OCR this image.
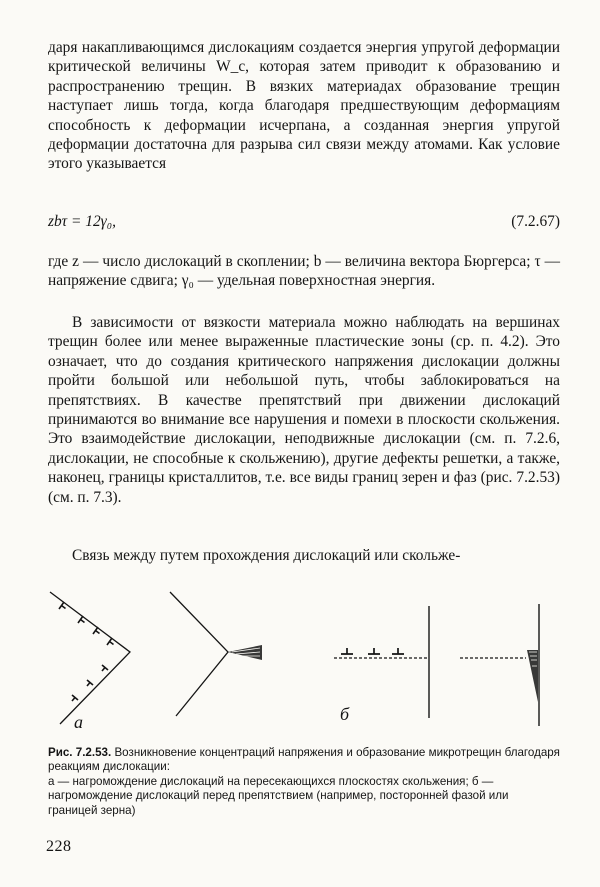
дaря накапливающимся дислокациям создается энергия упругой деформации критической величины W_c, которая затем приводит к образованию и распространению трещин. В вязких материадах образование трещин наступает лишь тогда, когда благодаря предшествующим деформациям способность к деформации исчерпана, а созданная энергия упругой деформации достаточна для разрыва сил связи между атомами. Как условие этого указывается

zbτ = 12γ₀,	(7.2.67)

где z — число дислокаций в скоплении; b — величина вектора Бюргерса; τ — напряжение сдвига; γ₀ — удельная поверхностная энергия.

В зависимости от вязкости материала можно наблюдать на вершинах трещин более или менее выраженные пластические зоны (ср. п. 4.2). Это означает, что до создания критического напряжения дислокации должны пройти большой или небольшой путь, чтобы заблокироваться на препятствиях. В качестве препятствий при движении дислокаций принимаются во внимание все нарушения и помехи в плоскости скольжения. Это взаимодействие дислокации, неподвижные дислокации (см. п. 7.2.6, дислокации, не способные к скольжению), другие дефекты решетки, а также, наконец, границы кристаллитов, т.е. все виды границ зерен и фаз (рис. 7.2.53) (см. п. 7.3).

Связь между путем прохождения дислокаций или скольже-

а	б
Рис. 7.2.53. Возникновение концентраций напряжения и образование микротрещин благодаря реакциям дислокации:
а — нагромождение дислокаций на пересекающихся плоскостях скольжения; б — нагромождение дислокаций перед препятствием (например, посторонней фазой или границей зерна)
228
